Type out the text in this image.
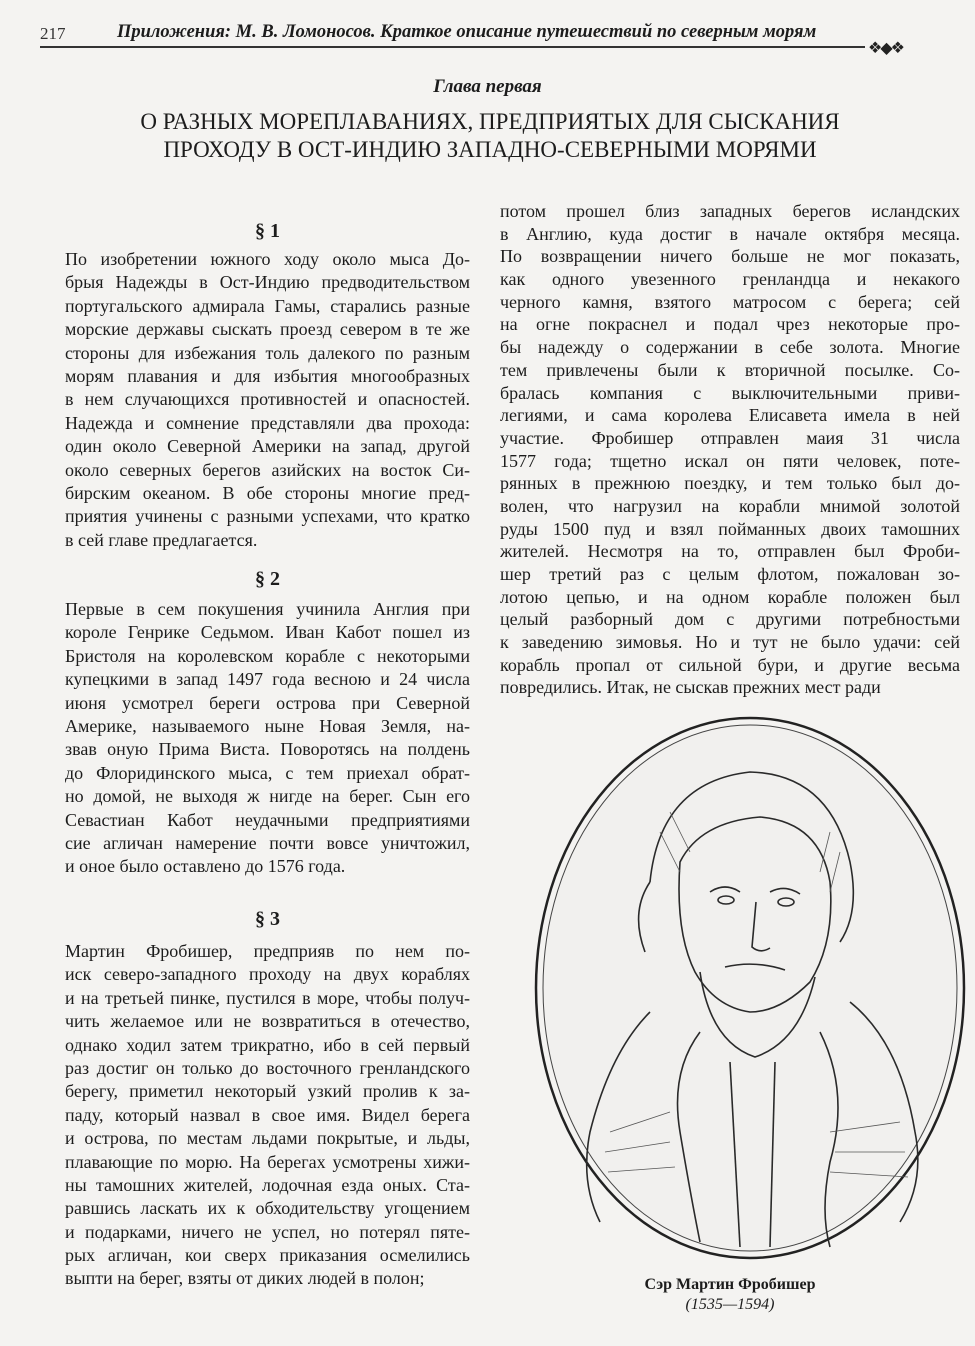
217	Приложения: М. В. Ломоносов. Краткое описание путешествий по северным морям
❖◆❖
Глава первая
О РАЗНЫХ МОРЕПЛАВАНИЯХ, ПРЕДПРИЯТЫХ ДЛЯ СЫСКАНИЯ
ПРОХОДУ В ОСТ-ИНДИЮ ЗАПАДНО-СЕВЕРНЫМИ МОРЯМИ
§ 1
По изобретении южного ходу около мыса До-
брыя Надежды в Ост-Индию предводительством
португальского адмирала Гамы, старались разные
морские державы сыскать проезд севером в те же
стороны для избежания толь далекого по разным
морям плавания и для избытия многообразных
в нем случающихся противностей и опасностей.
Надежда и сомнение представляли два прохода:
один около Северной Америки на запад, другой
около северных берегов азийских на восток Си-
бирским океаном. В обе стороны многие пред-
приятия учинены с разными успехами, что кратко
в сей главе предлагается.
§ 2
Первые в сем покушения учинила Англия при
короле Генрике Седьмом. Иван Кабот пошел из
Бристоля на королевском корабле с некоторыми
купецкими в запад 1497 года весною и 24 числа
июня усмотрел береги острова при Северной
Америке, называемого ныне Новая Земля, на-
звав оную Прима Виста. Поворотясь на полдень
до Флоридинского мыса, с тем приехал обрат-
но домой, не выходя ж нигде на берег. Сын его
Севастиан Кабот неудачными предприятиями
сие агличан намерение почти вовсе уничтожил,
и оное было оставлено до 1576 года.
§ 3
Мартин Фробишер, предприяв по нем по-
иск северо-западного проходу на двух кораблях
и на третьей пинке, пустился в море, чтобы получ-
чить желаемое или не возвратиться в отечество,
однако ходил затем трикратно, ибо в сей первый
раз достиг он только до восточного гренландского
берегу, приметил некоторый узкий пролив к за-
паду, который назвал в свое имя. Видел берега
и острова, по местам льдами покрытые, и льды,
плавающие по морю. На берегах усмотрены хижи-
ны тамошних жителей, лодочная езда оных. Ста-
равшись ласкать их к обходительству угощением
и подарками, ничего не успел, но потерял пятe-
рых агличан, кои сверх приказания осмелились
выпти на берег, взяты от диких людей в полон;
потом прошел близ западных берегов исландских
в Англию, куда достиг в начале октября месяца.
По возвращении ничего больше не мог показать,
как одного увезенного гренландца и некакого
черного камня, взятого матросом с берега; сей
на огне покраснел и подал чрез некоторые про-
бы надежду о содержании в себе золота. Многие
тем привлечены были к вторичной посылке. Со-
бралась компания с выключительными приви-
легиями, и сама королева Елисавета имела в ней
участие. Фробишер отправлен маия 31 числа
1577 года; тщетно искал он пяти человек, поте-
рянных в прежнюю поездку, и тем только был до-
волен, что нагрузил на корабли мнимой золотой
руды 1500 пуд и взял пойманных двоих тамошних
жителей. Несмотря на то, отправлен был Фроби-
шер третий раз с целым флотом, пожалован зо-
лотою цепью, и на одном корабле положен был
целый разборный дом с другими потребностьми
к заведению зимовья. Но и тут не было удачи: сей
корабль пропал от сильной бури, и другие весьма
повредились. Итак, не сыскав прежних мест ради
Сэр Мартин Фробишер
(1535—1594)
